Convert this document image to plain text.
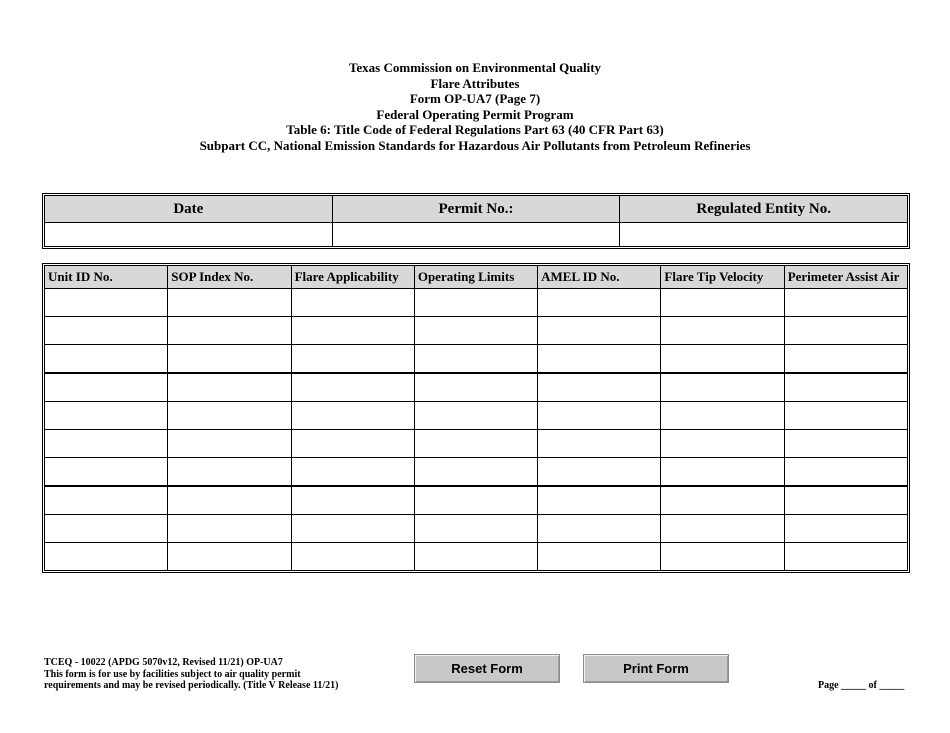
Texas Commission on Environmental Quality
Flare Attributes
Form OP-UA7 (Page 7)
Federal Operating Permit Program
Table 6: Title Code of Federal Regulations Part 63 (40 CFR Part 63)
Subpart CC, National Emission Standards for Hazardous Air Pollutants from Petroleum Refineries
Date	Permit No.:	Regulated Entity No.

Unit ID No.	SOP Index No.	Flare Applicability	Operating Limits	AMEL ID No.	Flare Tip Velocity	Perimeter Assist Air

TCEQ - 10022 (APDG 5070v12, Revised 11/21) OP-UA7
This form is for use by facilities subject to air quality permit
requirements and may be revised periodically. (Title V Release 11/21)
Reset Form	Print Form
Page _____ of _____
